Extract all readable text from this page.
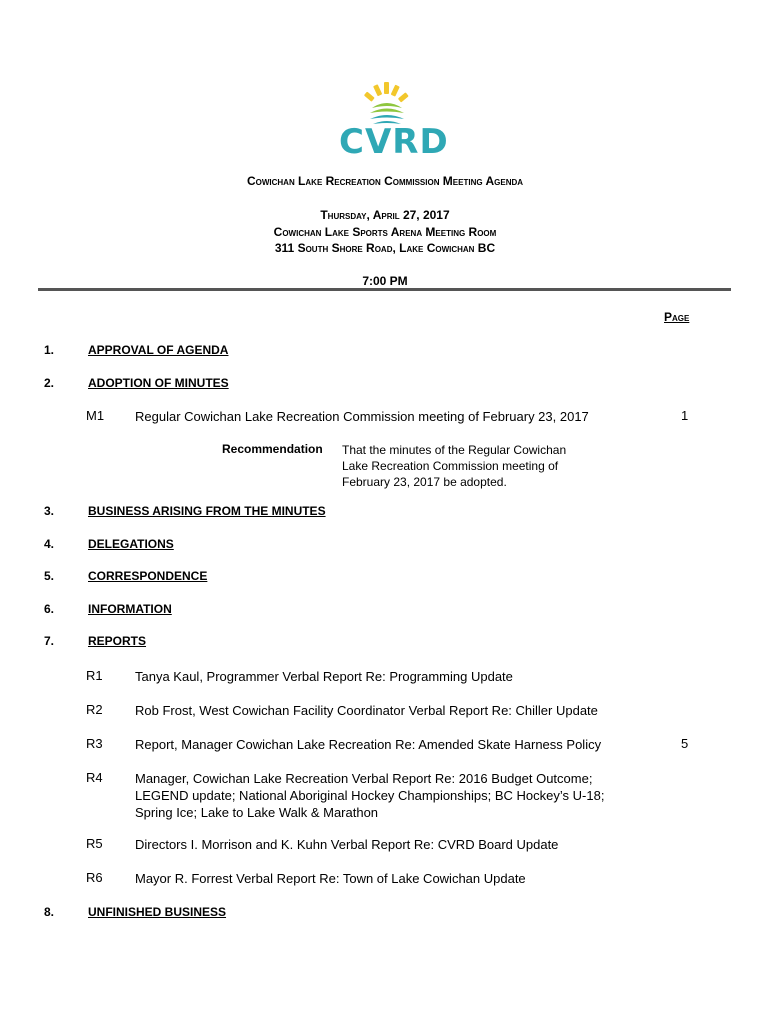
CVRD
Cowichan Lake Recreation Commission Meeting Agenda
Thursday, April 27, 2017
Cowichan Lake Sports Arena Meeting Room
311 South Shore Road, Lake Cowichan BC
7:00 PM
Page
1.	APPROVAL OF AGENDA
2.	ADOPTION OF MINUTES
M1 Regular Cowichan Lake Recreation Commission meeting of February 23, 2017	1
Recommendation That the minutes of the Regular Cowichan Lake Recreation Commission meeting of February 23, 2017 be adopted.
3.	BUSINESS ARISING FROM THE MINUTES
4.	DELEGATIONS
5.	CORRESPONDENCE
6.	INFORMATION
7.	REPORTS
R1 Tanya Kaul, Programmer Verbal Report Re: Programming Update
R2 Rob Frost, West Cowichan Facility Coordinator Verbal Report Re: Chiller Update
R3 Report, Manager Cowichan Lake Recreation Re: Amended Skate Harness Policy	5
R4 Manager, Cowichan Lake Recreation Verbal Report Re: 2016 Budget Outcome; LEGEND update; National Aboriginal Hockey Championships; BC Hockey’s U-18; Spring Ice; Lake to Lake Walk & Marathon
R5 Directors I. Morrison and K. Kuhn Verbal Report Re: CVRD Board Update
R6 Mayor R. Forrest Verbal Report Re: Town of Lake Cowichan Update
8.	UNFINISHED BUSINESS
